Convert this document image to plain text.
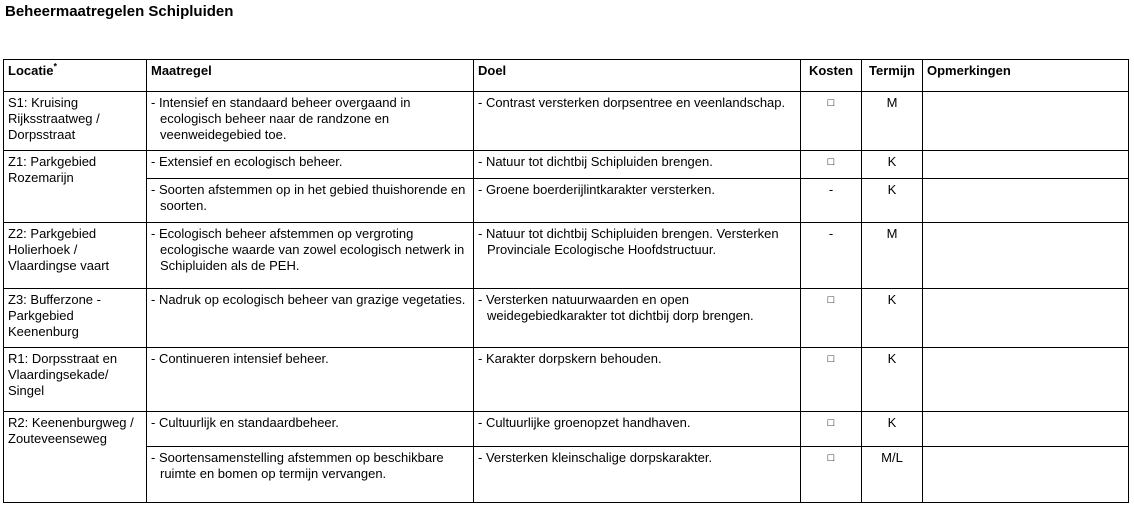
Beheermaatregelen Schipluiden
Locatie*	Maatregel	Doel	Kosten	Termijn	Opmerkingen
S1: Kruising Rijksstraatweg / Dorpsstraat	- Intensief en standaard beheer overgaand in ecologisch beheer naar de randzone en veenweidegebied toe.	- Contrast versterken dorpsentree en veenlandschap.	□	M	
Z1: Parkgebied Rozemarijn	- Extensief en ecologisch beheer.	- Natuur tot dichtbij Schipluiden brengen.	□	K	

	- Soorten afstemmen op in het gebied thuishorende en soorten.	- Groene boerderijlintkarakter versterken.	-	K	
Z2: Parkgebied Holierhoek / Vlaardingse vaart	- Ecologisch beheer afstemmen op vergroting ecologische waarde van zowel ecologisch netwerk in Schipluiden als de PEH.	- Natuur tot dichtbij Schipluiden brengen. Versterken Provinciale Ecologische Hoofdstructuur.	-	M	
Z3: Bufferzone - Parkgebied Keenenburg	- Nadruk op ecologisch beheer van grazige vegetaties.	- Versterken natuurwaarden en open weidegebiedkarakter tot dichtbij dorp brengen.	□	K	
R1: Dorpsstraat en Vlaardingsekade/ Singel	- Continueren intensief beheer.	- Karakter dorpskern behouden.	□	K	
R2: Keenenburgweg / Zouteveenseweg	- Cultuurlijk en standaardbeheer.	- Cultuurlijke groenopzet handhaven.	□	K	

	- Soortensamenstelling afstemmen op beschikbare ruimte en bomen op termijn vervangen.	- Versterken kleinschalige dorpskarakter.	□	M/L	
